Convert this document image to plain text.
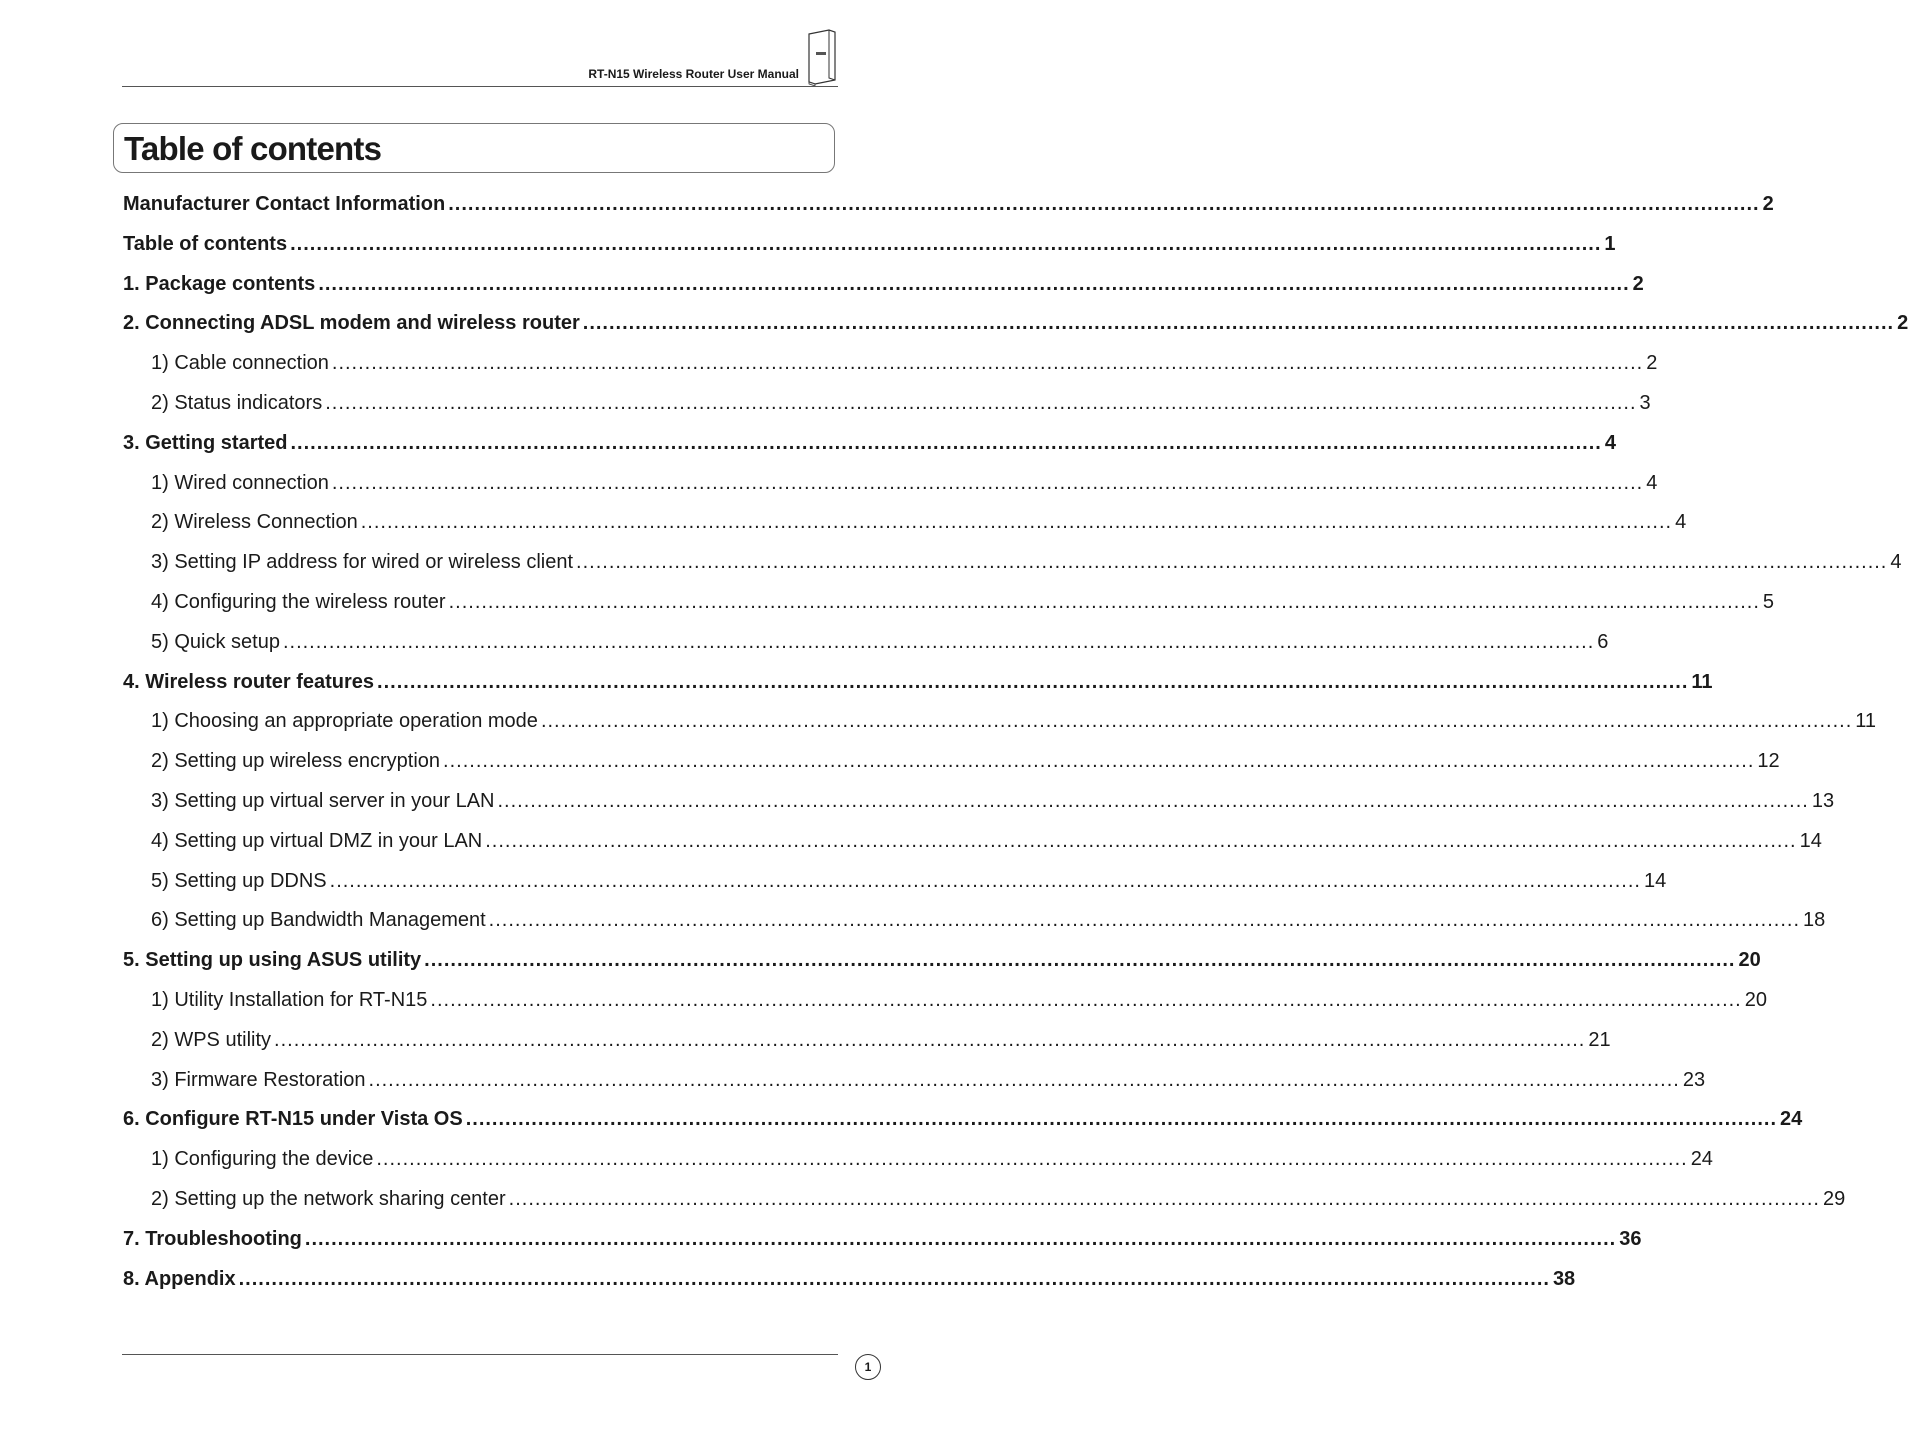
RT-N15 Wireless Router User Manual
Table of contents
Manufacturer Contact Information ........................................................................................................................................................................................................ 2
Table of contents ........................................................................................................................................................................................................ 1
1. Package contents ........................................................................................................................................................................................................ 2
2. Connecting ADSL modem and wireless router ........................................................................................................................................................................................................ 2
1) Cable connection ........................................................................................................................................................................................................ 2
2) Status indicators ........................................................................................................................................................................................................ 3
3. Getting started ........................................................................................................................................................................................................ 4
1) Wired connection ........................................................................................................................................................................................................ 4
2) Wireless Connection ........................................................................................................................................................................................................ 4
3) Setting IP address for wired or wireless client ........................................................................................................................................................................................................ 4
4) Configuring the wireless router ........................................................................................................................................................................................................ 5
5) Quick setup ........................................................................................................................................................................................................ 6
4. Wireless router features ........................................................................................................................................................................................................ 11
1) Choosing an appropriate operation mode ........................................................................................................................................................................................................ 11
2) Setting up wireless encryption ........................................................................................................................................................................................................ 12
3) Setting up virtual server in your LAN ........................................................................................................................................................................................................ 13
4) Setting up virtual DMZ in your LAN ........................................................................................................................................................................................................ 14
5) Setting up DDNS ........................................................................................................................................................................................................ 14
6) Setting up Bandwidth Management ........................................................................................................................................................................................................ 18
5. Setting up using ASUS utility ........................................................................................................................................................................................................ 20
1) Utility Installation for RT-N15 ........................................................................................................................................................................................................ 20
2) WPS utility ........................................................................................................................................................................................................ 21
3) Firmware Restoration ........................................................................................................................................................................................................ 23
6. Configure RT-N15 under Vista OS ........................................................................................................................................................................................................ 24
1) Configuring the device ........................................................................................................................................................................................................ 24
2) Setting up the network sharing center ........................................................................................................................................................................................................ 29
7. Troubleshooting ........................................................................................................................................................................................................ 36
8. Appendix ........................................................................................................................................................................................................ 38
1
